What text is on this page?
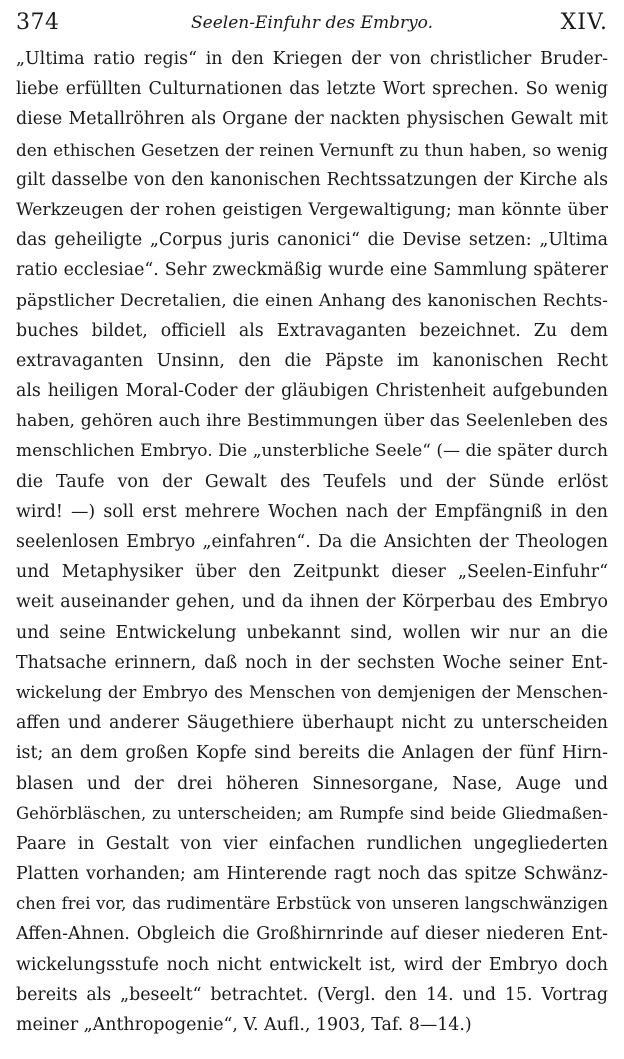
374	Seelen-Einfuhr des Embryo.	XIV.
„Ultima ratio regis“ in den Kriegen der von christlicher Bruder-
liebe erfüllten Culturnationen das letzte Wort sprechen. So wenig
diese Metallröhren als Organe der nackten physischen Gewalt mit
den ethischen Gesetzen der reinen Vernunft zu thun haben, so wenig
gilt dasselbe von den kanonischen Rechtssatzungen der Kirche als
Werkzeugen der rohen geistigen Vergewaltigung; man könnte über
das geheiligte „Corpus juris canonici“ die Devise setzen: „Ultima
ratio ecclesiae“. Sehr zweckmäßig wurde eine Sammlung späterer
päpstlicher Decretalien, die einen Anhang des kanonischen Rechts-
buches bildet, officiell als Extravaganten bezeichnet. Zu dem
extravaganten Unsinn, den die Päpste im kanonischen Recht
als heiligen Moral-Coder der gläubigen Christenheit aufgebunden
haben, gehören auch ihre Bestimmungen über das Seelenleben des
menschlichen Embryo. Die „unsterbliche Seele“ (— die später durch
die Taufe von der Gewalt des Teufels und der Sünde erlöst
wird! —) soll erst mehrere Wochen nach der Empfängniß in den
seelenlosen Embryo „einfahren“. Da die Ansichten der Theologen
und Metaphysiker über den Zeitpunkt dieser „Seelen-Einfuhr“
weit auseinander gehen, und da ihnen der Körperbau des Embryo
und seine Entwickelung unbekannt sind, wollen wir nur an die
Thatsache erinnern, daß noch in der sechsten Woche seiner Ent-
wickelung der Embryo des Menschen von demjenigen der Menschen-
affen und anderer Säugethiere überhaupt nicht zu unterscheiden
ist; an dem großen Kopfe sind bereits die Anlagen der fünf Hirn-
blasen und der drei höheren Sinnesorgane, Nase, Auge und
Gehörbläschen, zu unterscheiden; am Rumpfe sind beide Gliedmaßen-
Paare in Gestalt von vier einfachen rundlichen ungegliederten
Platten vorhanden; am Hinterende ragt noch das spitze Schwänz-
chen frei vor, das rudimentäre Erbstück von unseren langschwänzigen
Affen-Ahnen. Obgleich die Großhirnrinde auf dieser niederen Ent-
wickelungsstufe noch nicht entwickelt ist, wird der Embryo doch
bereits als „beseelt“ betrachtet. (Vergl. den 14. und 15. Vortrag
meiner „Anthropogenie“, V. Aufl., 1903, Taf. 8—14.)
